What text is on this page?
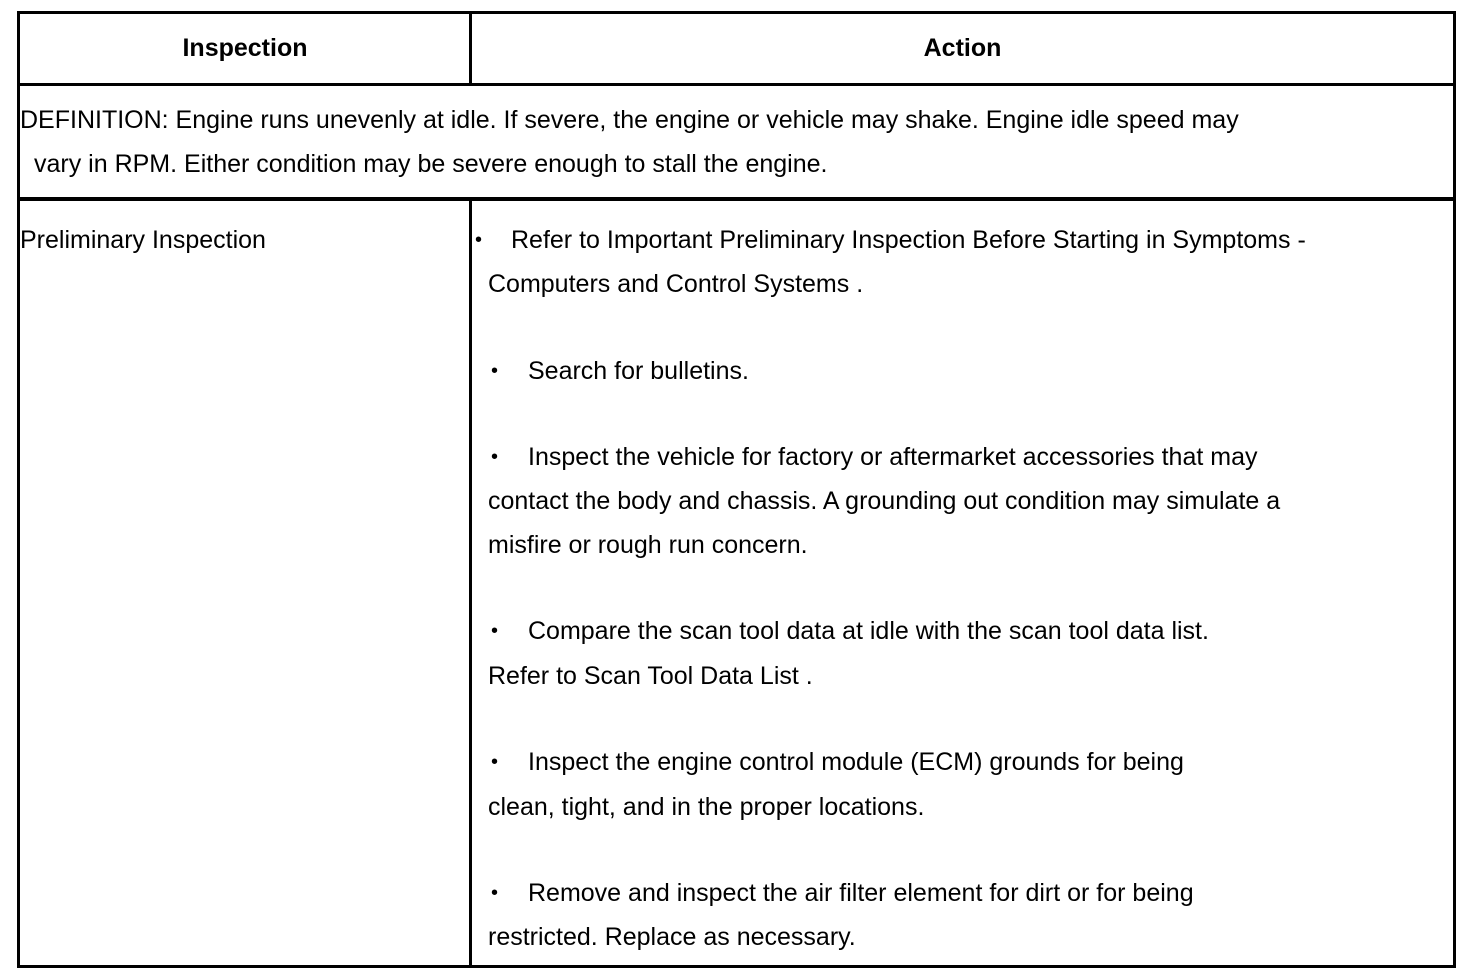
Inspection	Action
DEFINITION: Engine runs unevenly at idle. If severe, the engine or vehicle may shake. Engine idle speed may
vary in RPM. Either condition may be severe enough to stall the engine.
Preliminary Inspection	• Refer to Important Preliminary Inspection Before Starting in Symptoms -
Computers and Control Systems .
• Search for bulletins.
• Inspect the vehicle for factory or aftermarket accessories that may
contact the body and chassis. A grounding out condition may simulate a
misfire or rough run concern.
• Compare the scan tool data at idle with the scan tool data list.
Refer to Scan Tool Data List .
• Inspect the engine control module (ECM) grounds for being
clean, tight, and in the proper locations.
• Remove and inspect the air filter element for dirt or for being
restricted. Replace as necessary.
